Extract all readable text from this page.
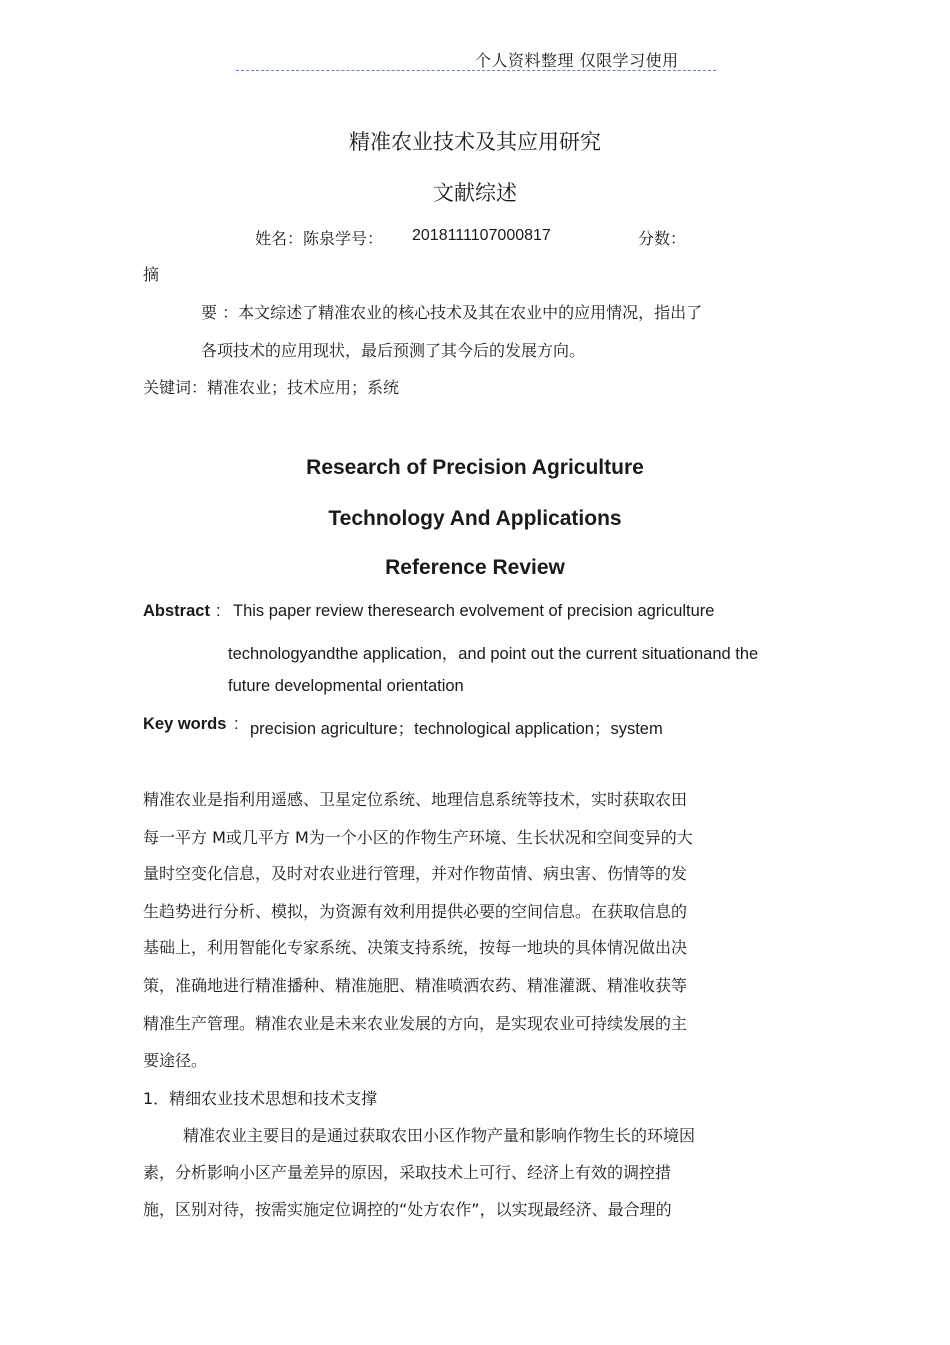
个人资料整理 仅限学习使用
精准农业技术及其应用研究
文献综述
姓名：陈泉学号： 2018111107000817	分数：
摘
要 ：本文综述了精准农业的核心技术及其在农业中的应用情况，指出了
各项技术的应用现状，最后预测了其今后的发展方向。
关键词：精准农业；技术应用；系统
Research of Precision Agriculture
Technology And Applications
Reference Review
Abstract : This paper review theresearch evolvement of precision agriculture
technologyandthe application，and point out the current situationand the
future developmental orientation
Key words : precision agriculture；technological application；system
精准农业是指利用遥感、卫星定位系统、地理信息系统等技术，实时获取农田
每一平方 M或几平方 M为一个小区的作物生产环境、生长状况和空间变异的大
量时空变化信息，及时对农业进行管理，并对作物苗情、病虫害、伤情等的发
生趋势进行分析、模拟，为资源有效利用提供必要的空间信息。在获取信息的
基础上，利用智能化专家系统、决策支持系统，按每一地块的具体情况做出决
策，准确地进行精准播种、精准施肥、精准喷洒农药、精准灌溉、精准收获等
精准生产管理。精准农业是未来农业发展的方向，是实现农业可持续发展的主
要途径。
1．精细农业技术思想和技术支撑
精准农业主要目的是通过获取农田小区作物产量和影响作物生长的环境因
素，分析影响小区产量差异的原因，采取技术上可行、经济上有效的调控措
施，区别对待，按需实施定位调控的“处方农作”，以实现最经济、最合理的
